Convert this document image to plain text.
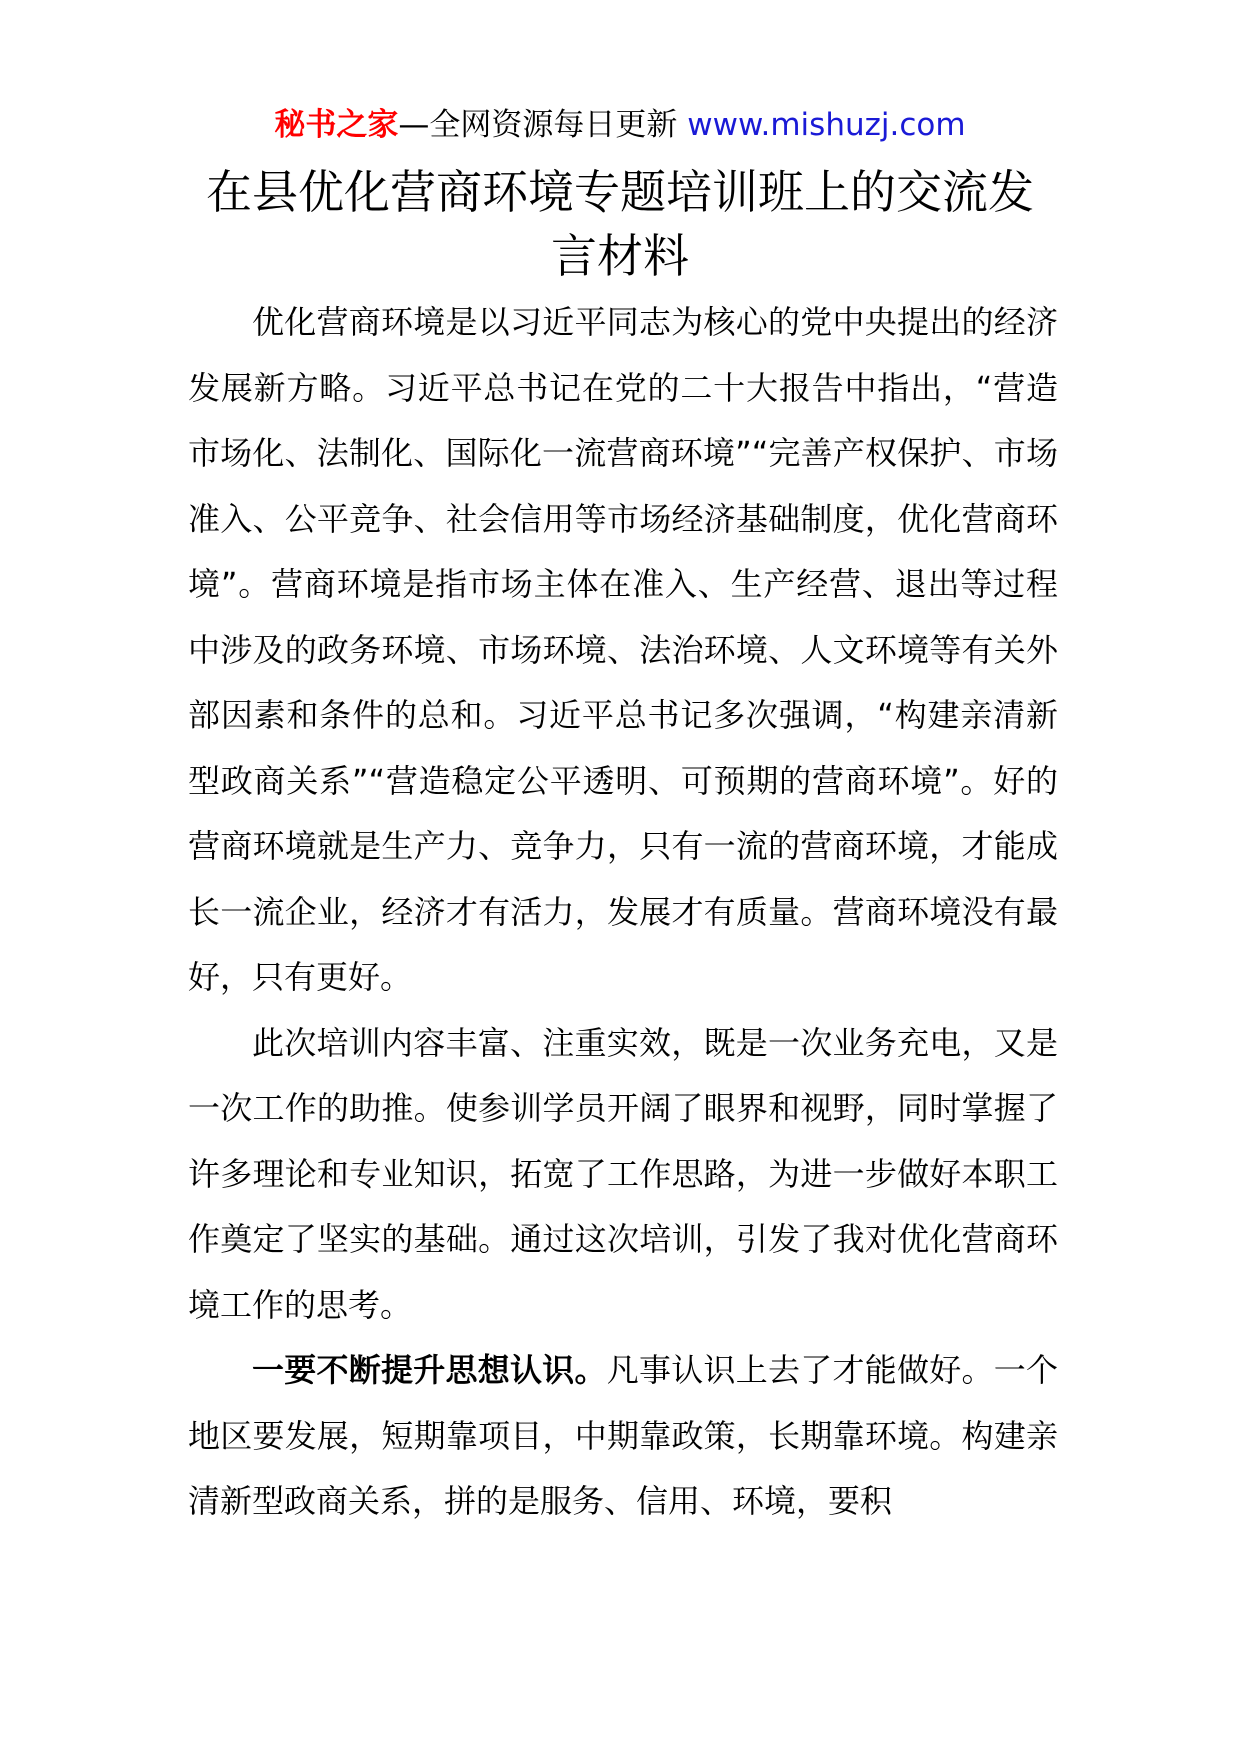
秘书之家—全网资源每日更新 www.mishuzj.com
在县优化营商环境专题培训班上的交流发言材料

优化营商环境是以习近平同志为核心的党中央提出的经济发展新方略。习近平总书记在党的二十大报告中指出，“营造市场化、法制化、国际化一流营商环境”“完善产权保护、市场准入、公平竞争、社会信用等市场经济基础制度，优化营商环境”。营商环境是指市场主体在准入、生产经营、退出等过程中涉及的政务环境、市场环境、法治环境、人文环境等有关外部因素和条件的总和。习近平总书记多次强调，“构建亲清新型政商关系”“营造稳定公平透明、可预期的营商环境”。好的营商环境就是生产力、竞争力，只有一流的营商环境，才能成长一流企业，经济才有活力，发展才有质量。营商环境没有最好，只有更好。

此次培训内容丰富、注重实效，既是一次业务充电，又是一次工作的助推。使参训学员开阔了眼界和视野，同时掌握了许多理论和专业知识，拓宽了工作思路，为进一步做好本职工作奠定了坚实的基础。通过这次培训，引发了我对优化营商环境工作的思考。

一要不断提升思想认识。凡事认识上去了才能做好。一个地区要发展，短期靠项目，中期靠政策，长期靠环境。构建亲清新型政商关系，拼的是服务、信用、环境，要积
